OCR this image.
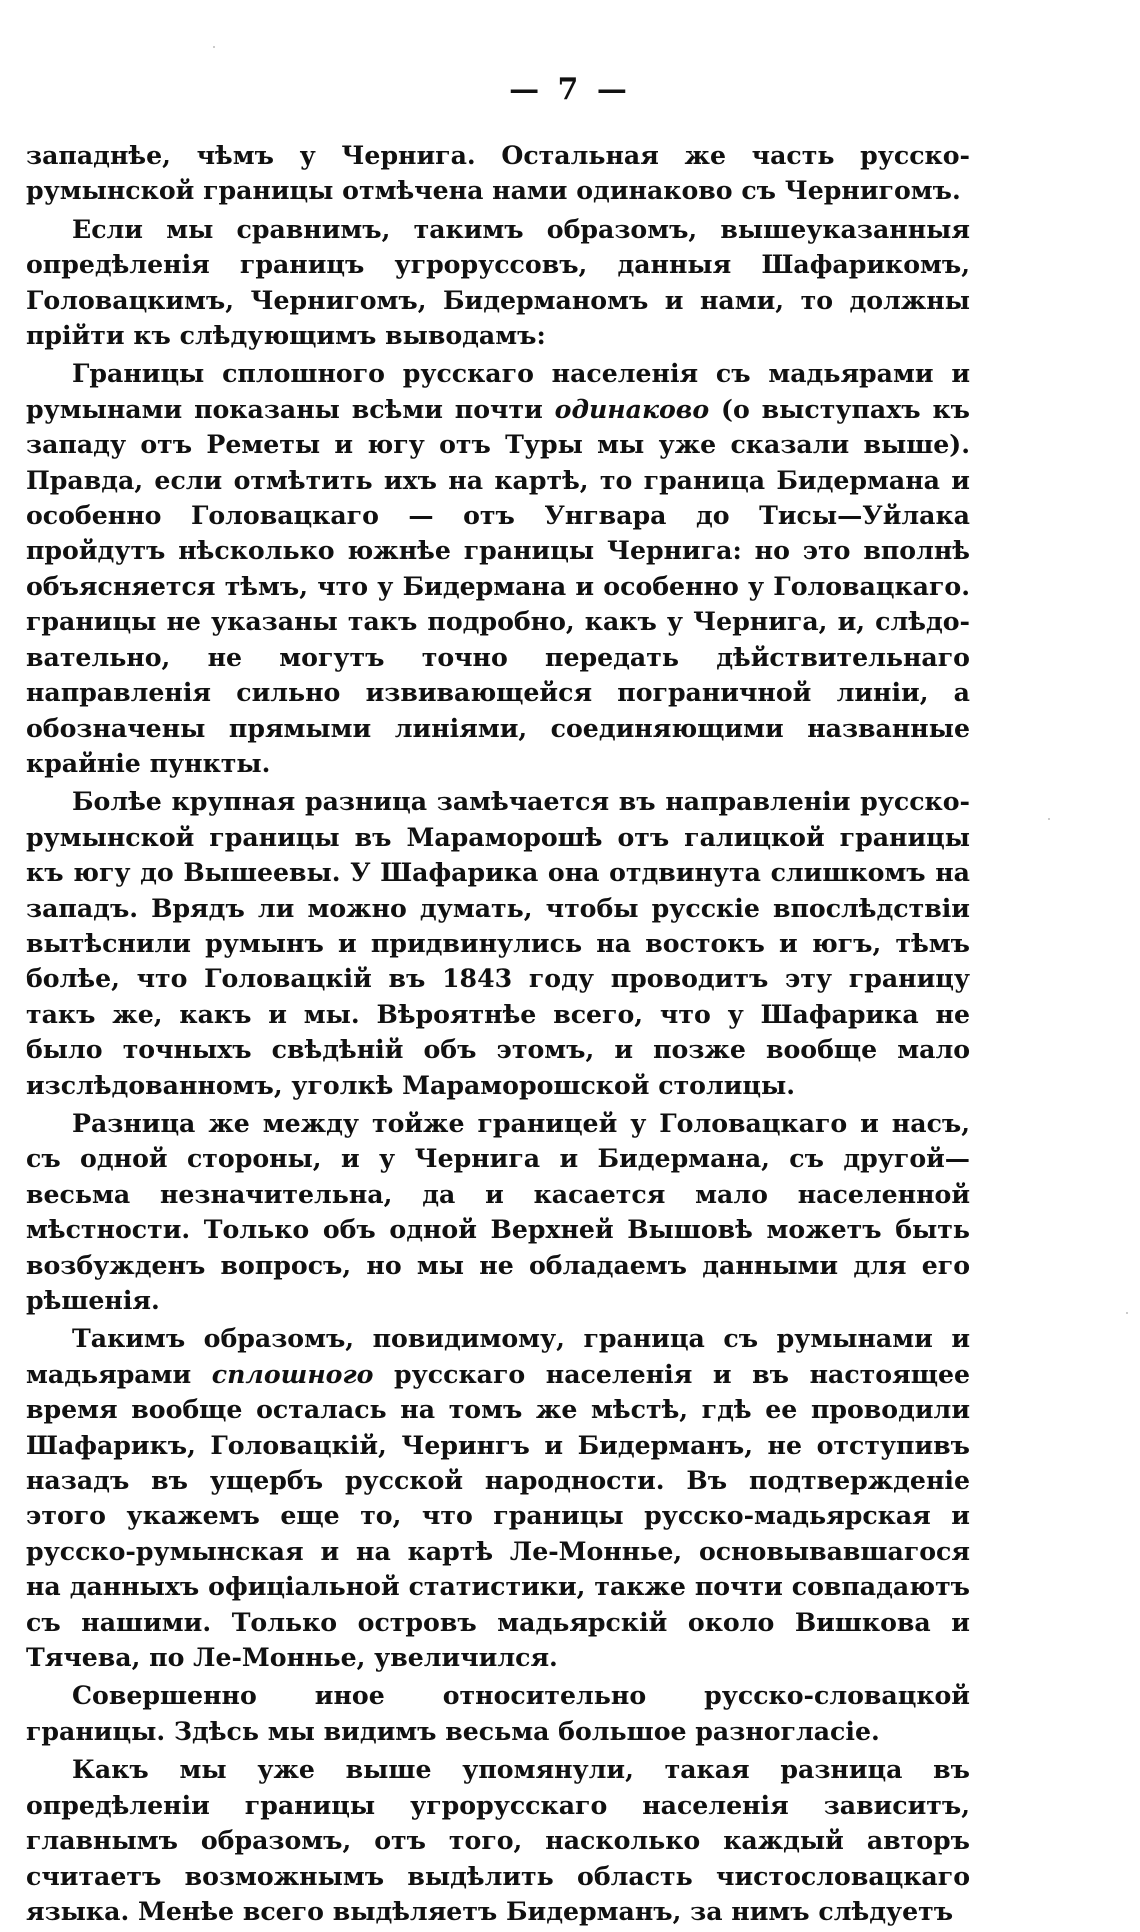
— 7 —

западнѣе, чѣмъ у Чернига. Остальная же часть русско-румынской границы отмѣчена нами одинаково съ Чернигомъ.

Если мы сравнимъ, такимъ образомъ, вышеуказанныя опредѣленія границъ угроруссовъ, данныя Шафарикомъ, Головацкимъ, Чернигомъ, Бидерманомъ и нами, то должны прійти къ слѣдующимъ выводамъ:

Границы сплошного русскаго населенія съ мадьярами и румынами показаны всѣми почти одинаково (о выступахъ къ западу отъ Реметы и югу отъ Туры мы уже сказали выше). Правда, если отмѣтить ихъ на картѣ, то граница Бидермана и особенно Головацкаго — отъ Унгвара до Тисы—Уйлака пройдутъ нѣсколько южнѣе границы Чернига: но это вполнѣ объясняется тѣмъ, что у Бидермана и особенно у Головацкаго. границы не указаны такъ подробно, какъ у Чернига, и, слѣдовательно, не могутъ точно передать дѣйствительнаго направленія сильно извивающейся пограничной линіи, а обозначены прямыми линіями, соединяющими названные крайніе пункты.

Болѣе крупная разница замѣчается въ направленіи русско-румынской границы въ Мараморошѣ отъ галицкой границы къ югу до Вышеевы. У Шафарика она отдвинута слишкомъ на западъ. Врядъ ли можно думать, чтобы русскіе впослѣдствіи вытѣснили румынъ и придвинулись на востокъ и югъ, тѣмъ болѣе, что Головацкій въ 1843 году проводитъ эту границу такъ же, какъ и мы. Вѣроятнѣе всего, что у Шафарика не было точныхъ свѣдѣній объ этомъ, и позже вообще мало изслѣдованномъ, уголкѣ Мараморошской столицы.

Разница же между тойже границей у Головацкаго и насъ, съ одной стороны, и у Чернига и Бидермана, съ другой—весьма незначительна, да и касается мало населенной мѣстности. Только объ одной Верхней Вышовѣ можетъ быть возбужденъ вопросъ, но мы не обладаемъ данными для его рѣшенія.

Такимъ образомъ, повидимому, граница съ румынами и мадьярами сплошного русскаго населенія и въ настоящее время вообще осталась на томъ же мѣстѣ, гдѣ ее проводили Шафарикъ, Головацкій, Черингъ и Бидерманъ, не отступивъ назадъ въ ущербъ русской народности. Въ подтвержденіе этого укажемъ еще то, что границы русско-мадьярская и русско-румынская и на картѣ Ле-Моннье, основывавшагося на данныхъ офиціальной статистики, также почти совпадаютъ съ нашими. Только островъ мадьярскій около Вишкова и Тячева, по Ле-Моннье, увеличился.

Совершенно иное относительно русско-словацкой границы. Здѣсь мы видимъ весьма большое разногласіе.

Какъ мы уже выше упомянули, такая разница въ опредѣленіи границы угрорусскаго населенія зависитъ, главнымъ образомъ, отъ того, насколько каждый авторъ считаетъ возможнымъ выдѣлить область чистословацкаго языка. Менѣе всего выдѣляетъ Бидерманъ, за нимъ слѣдуетъ
